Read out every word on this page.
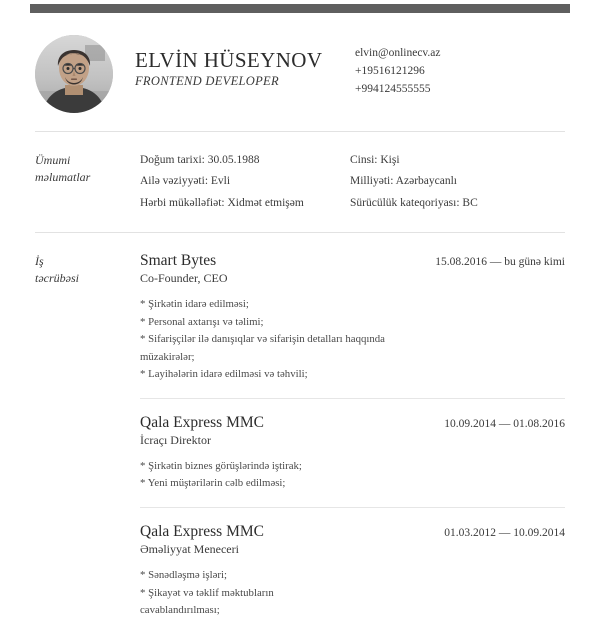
ELVİN HÜSEYNOV
FRONTEND DEVELOPER
elvin@onlinecv.az
+19516121296
+994124555555
Ümumi
məlumatlar
Doğum tarixi: 30.05.1988
Ailə vəziyyəti: Evli
Hərbi mükəlləfiət: Xidmət etmişəm
Cinsi: Kişi
Milliyəti: Azərbaycanlı
Sürücülük kateqoriyası: BC
İş
təcrübəsi
Smart Bytes
Co-Founder, CEO
15.08.2016 — bu günə kimi
* Şirkətin idarə edilməsi;
* Personal axtarışı və təlimi;
* Sifarişçilər ilə danışıqlar və sifarişin detalları haqqında müzakirələr;
* Layihələrin idarə edilməsi və təhvili;
Qala Express MMC
İcraçı Direktor
10.09.2014 — 01.08.2016
* Şirkətin biznes görüşlərində iştirak;
* Yeni müştərilərin cəlb edilməsi;
Qala Express MMC
Əməliyyat Meneceri
01.03.2012 — 10.09.2014
* Sənədləşmə işləri;
* Şikayət və təklif məktubların
cavablandırılması;
